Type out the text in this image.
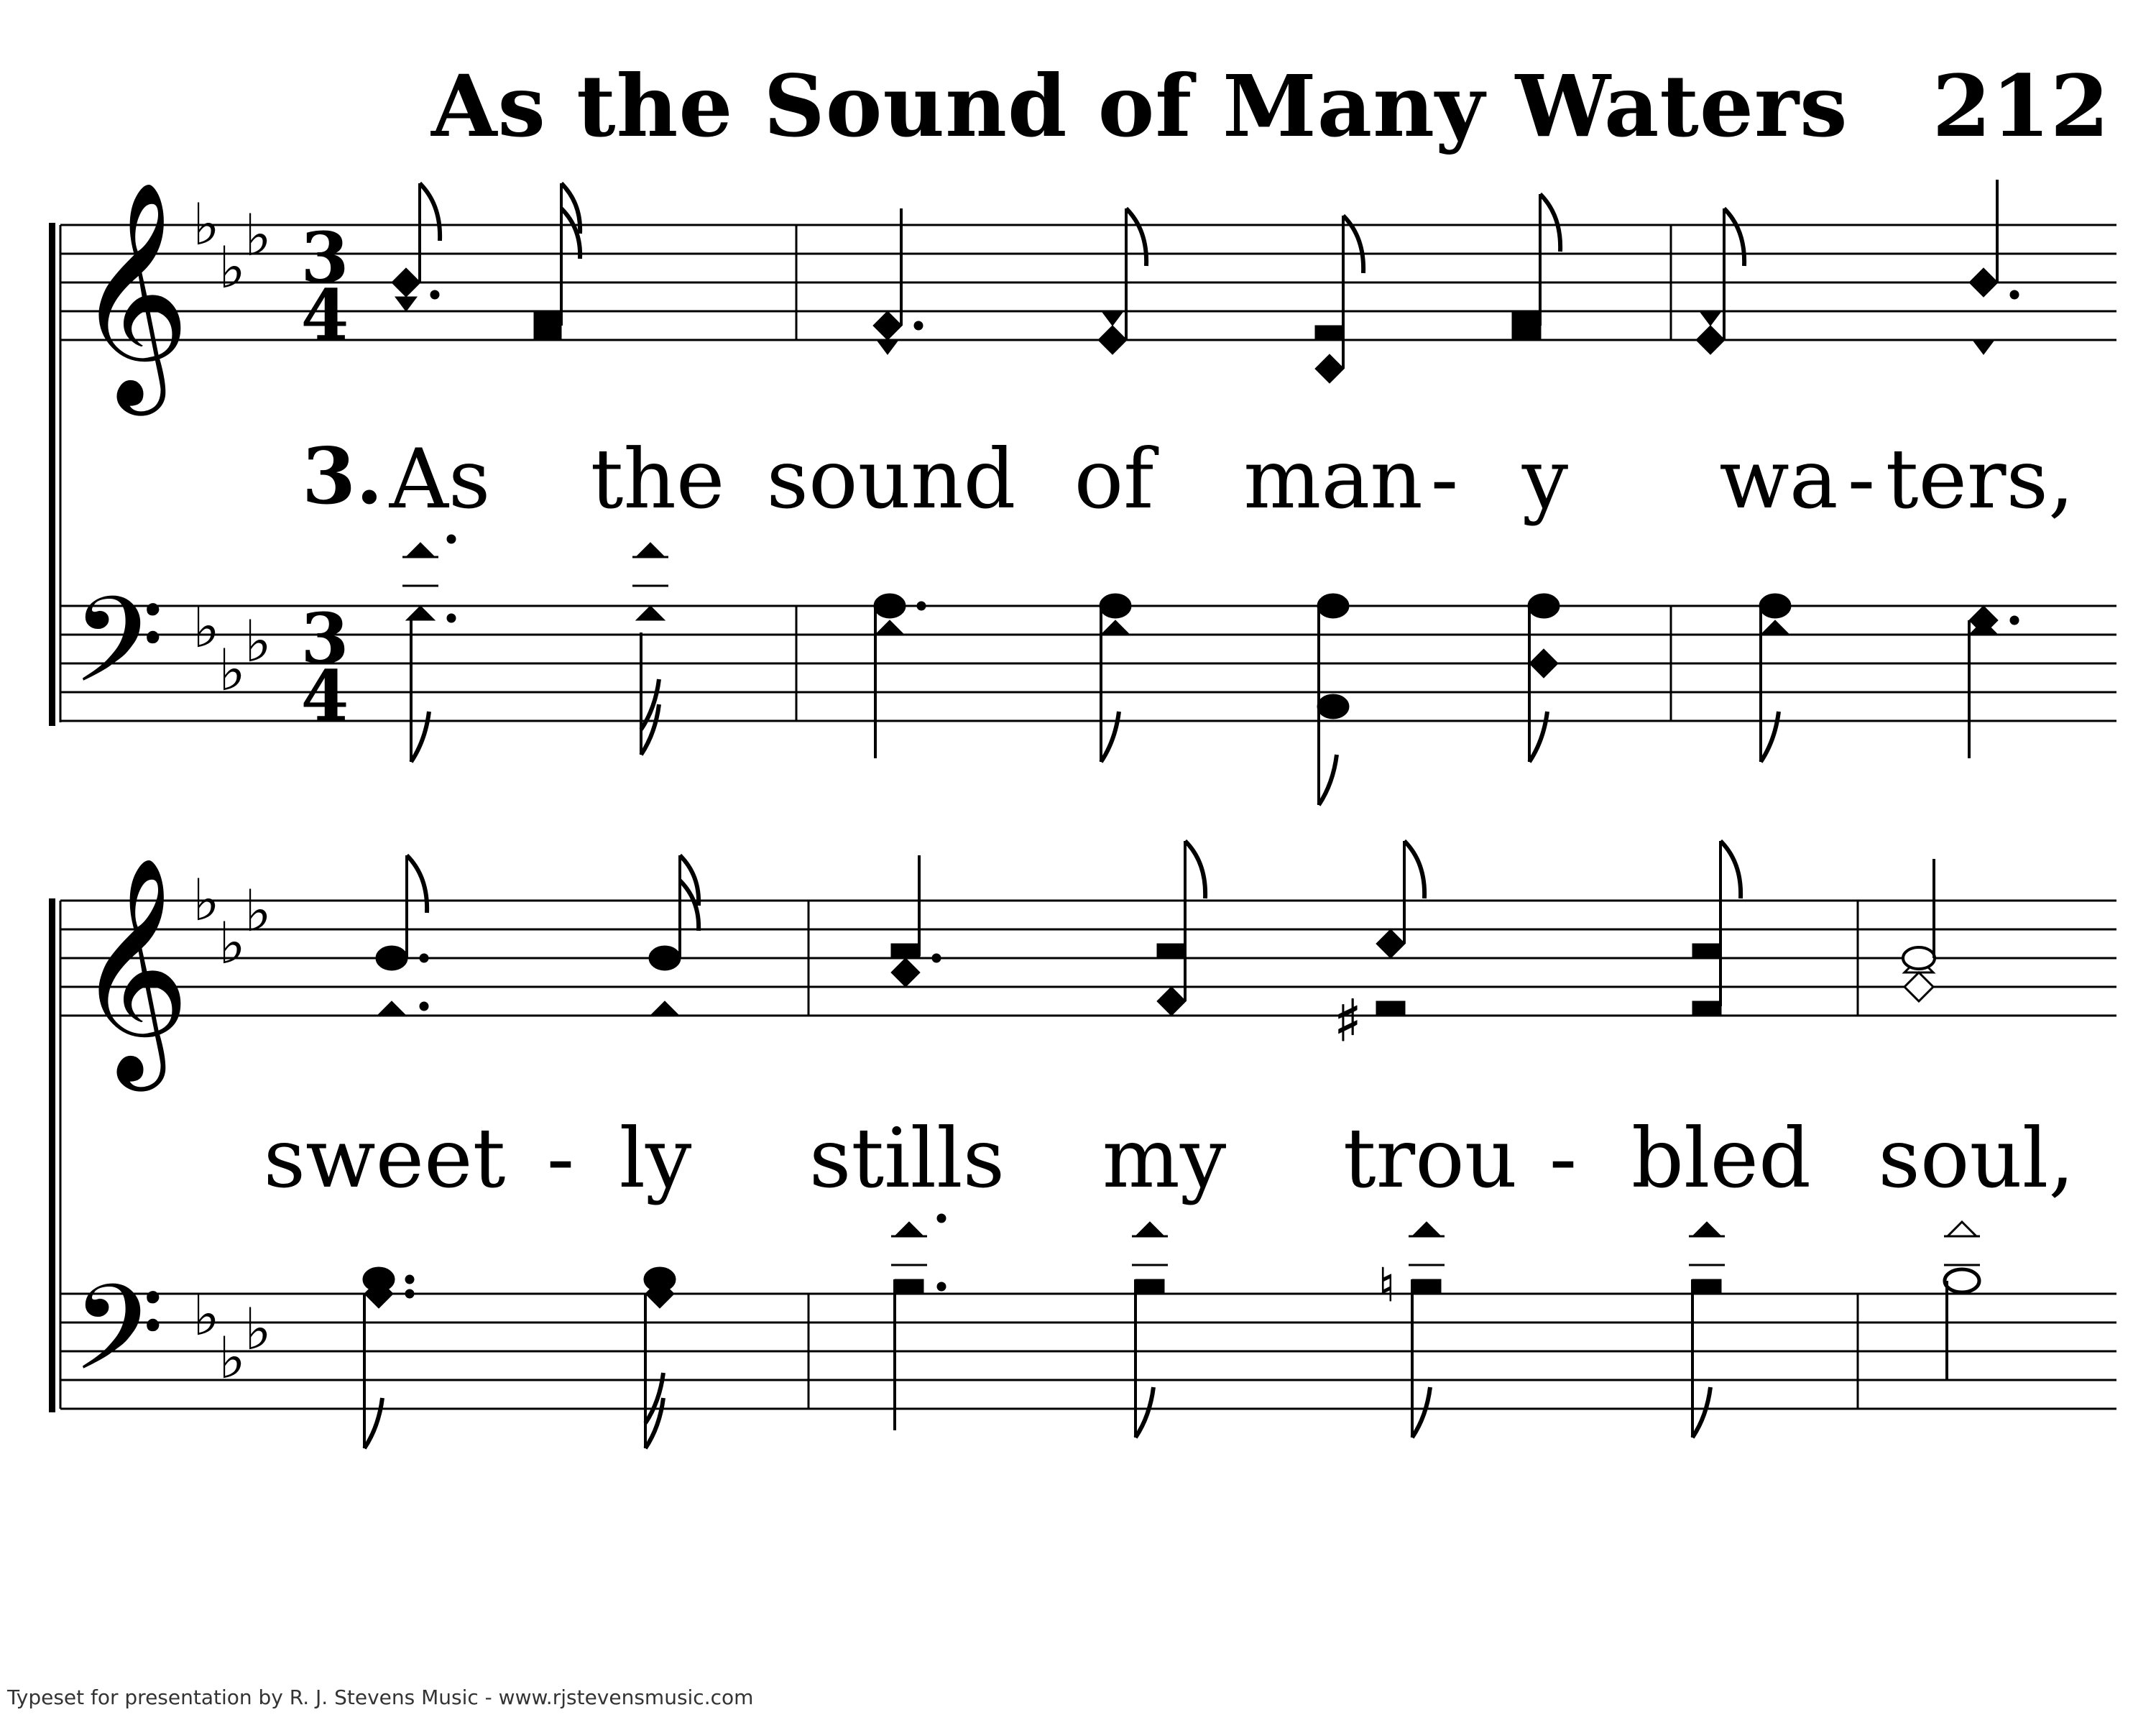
As the Sound of Many Waters 212
𝄞
𝄢
♭
♭
♭
♭
♭
♭
3
4
3
4
𝄞
𝄢
♭
♭
♭
♭
♭
♭
♯
♮
3. As the sound of man - y wa - ters,
sweet - ly stills my trou - bled soul,
Typeset for presentation by R. J. Stevens Music - www.rjstevensmusic.com
